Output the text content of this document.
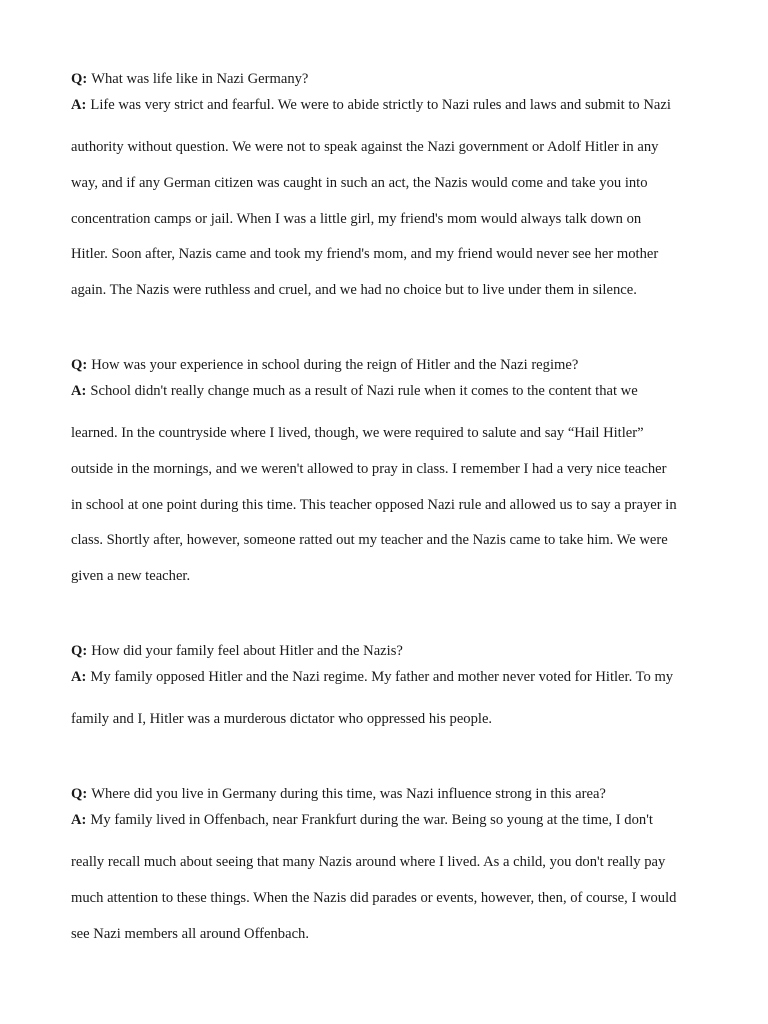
Q: What was life like in Nazi Germany?

A: Life was very strict and fearful. We were to abide strictly to Nazi rules and laws and submit to Nazi

authority without question. We were not to speak against the Nazi government or Adolf Hitler in any

way, and if any German citizen was caught in such an act, the Nazis would come and take you into

concentration camps or jail. When I was a little girl, my friend's mom would always talk down on

Hitler. Soon after, Nazis came and took my friend's mom, and my friend would never see her mother

again. The Nazis were ruthless and cruel, and we had no choice but to live under them in silence.

Q: How was your experience in school during the reign of Hitler and the Nazi regime?

A: School didn't really change much as a result of Nazi rule when it comes to the content that we

learned. In the countryside where I lived, though, we were required to salute and say “Hail Hitler”

outside in the mornings, and we weren't allowed to pray in class. I remember I had a very nice teacher

in school at one point during this time. This teacher opposed Nazi rule and allowed us to say a prayer in

class. Shortly after, however, someone ratted out my teacher and the Nazis came to take him. We were

given a new teacher.

Q: How did your family feel about Hitler and the Nazis?

A: My family opposed Hitler and the Nazi regime. My father and mother never voted for Hitler. To my

family and I, Hitler was a murderous dictator who oppressed his people.

Q: Where did you live in Germany during this time, was Nazi influence strong in this area?

A: My family lived in Offenbach, near Frankfurt during the war. Being so young at the time, I don't

really recall much about seeing that many Nazis around where I lived. As a child, you don't really pay

much attention to these things. When the Nazis did parades or events, however, then, of course, I would

see Nazi members all around Offenbach.
